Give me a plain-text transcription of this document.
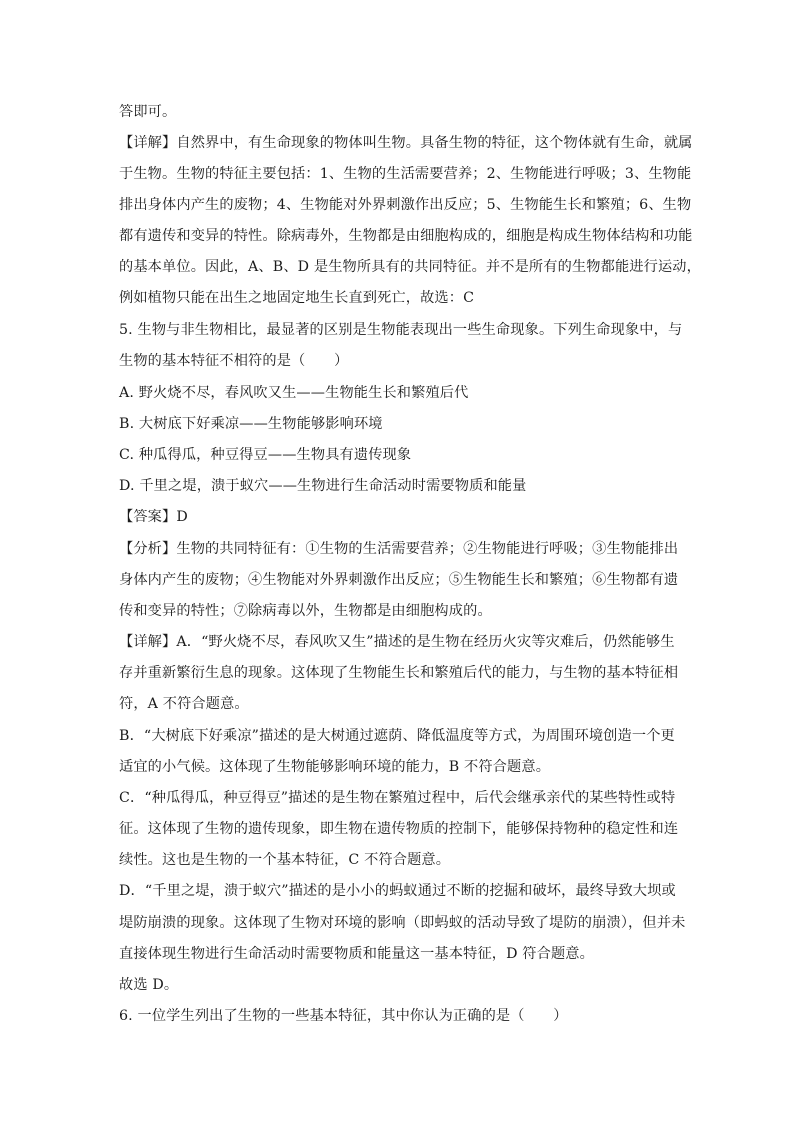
答即可。
【详解】自然界中，有生命现象的物体叫生物。具备生物的特征，这个物体就有生命，就属
于生物。生物的特征主要包括：1、生物的生活需要营养；2、生物能进行呼吸；3、生物能
排出身体内产生的废物；4、生物能对外界刺激作出反应；5、生物能生长和繁殖；6、生物
都有遗传和变异的特性。除病毒外，生物都是由细胞构成的，细胞是构成生物体结构和功能
的基本单位。因此，A、B、D 是生物所具有的共同特征。并不是所有的生物都能进行运动，
例如植物只能在出生之地固定地生长直到死亡，故选：C
5. 生物与非生物相比，最显著的区别是生物能表现出一些生命现象。下列生命现象中，与
生物的基本特征不相符的是（　　）
A. 野火烧不尽，春风吹又生——生物能生长和繁殖后代
B. 大树底下好乘凉——生物能够影响环境
C. 种瓜得瓜，种豆得豆——生物具有遗传现象
D. 千里之堤，溃于蚁穴——生物进行生命活动时需要物质和能量
【答案】D
【分析】生物的共同特征有：①生物的生活需要营养；②生物能进行呼吸；③生物能排出
身体内产生的废物；④生物能对外界刺激作出反应；⑤生物能生长和繁殖；⑥生物都有遗
传和变异的特性；⑦除病毒以外，生物都是由细胞构成的。
【详解】A．“野火烧不尽，春风吹又生”描述的是生物在经历火灾等灾难后，仍然能够生
存并重新繁衍生息的现象。这体现了生物能生长和繁殖后代的能力，与生物的基本特征相
符，A 不符合题意。
B．“大树底下好乘凉”描述的是大树通过遮荫、降低温度等方式，为周围环境创造一个更
适宜的小气候。这体现了生物能够影响环境的能力，B 不符合题意。
C．“种瓜得瓜，种豆得豆”描述的是生物在繁殖过程中，后代会继承亲代的某些特性或特
征。这体现了生物的遗传现象，即生物在遗传物质的控制下，能够保持物种的稳定性和连
续性。这也是生物的一个基本特征，C 不符合题意。
D．“千里之堤，溃于蚁穴”描述的是小小的蚂蚁通过不断的挖掘和破坏，最终导致大坝或
堤防崩溃的现象。这体现了生物对环境的影响（即蚂蚁的活动导致了堤防的崩溃），但并未
直接体现生物进行生命活动时需要物质和能量这一基本特征，D 符合题意。
故选 D。
6. 一位学生列出了生物的一些基本特征，其中你认为正确的是（　　）
